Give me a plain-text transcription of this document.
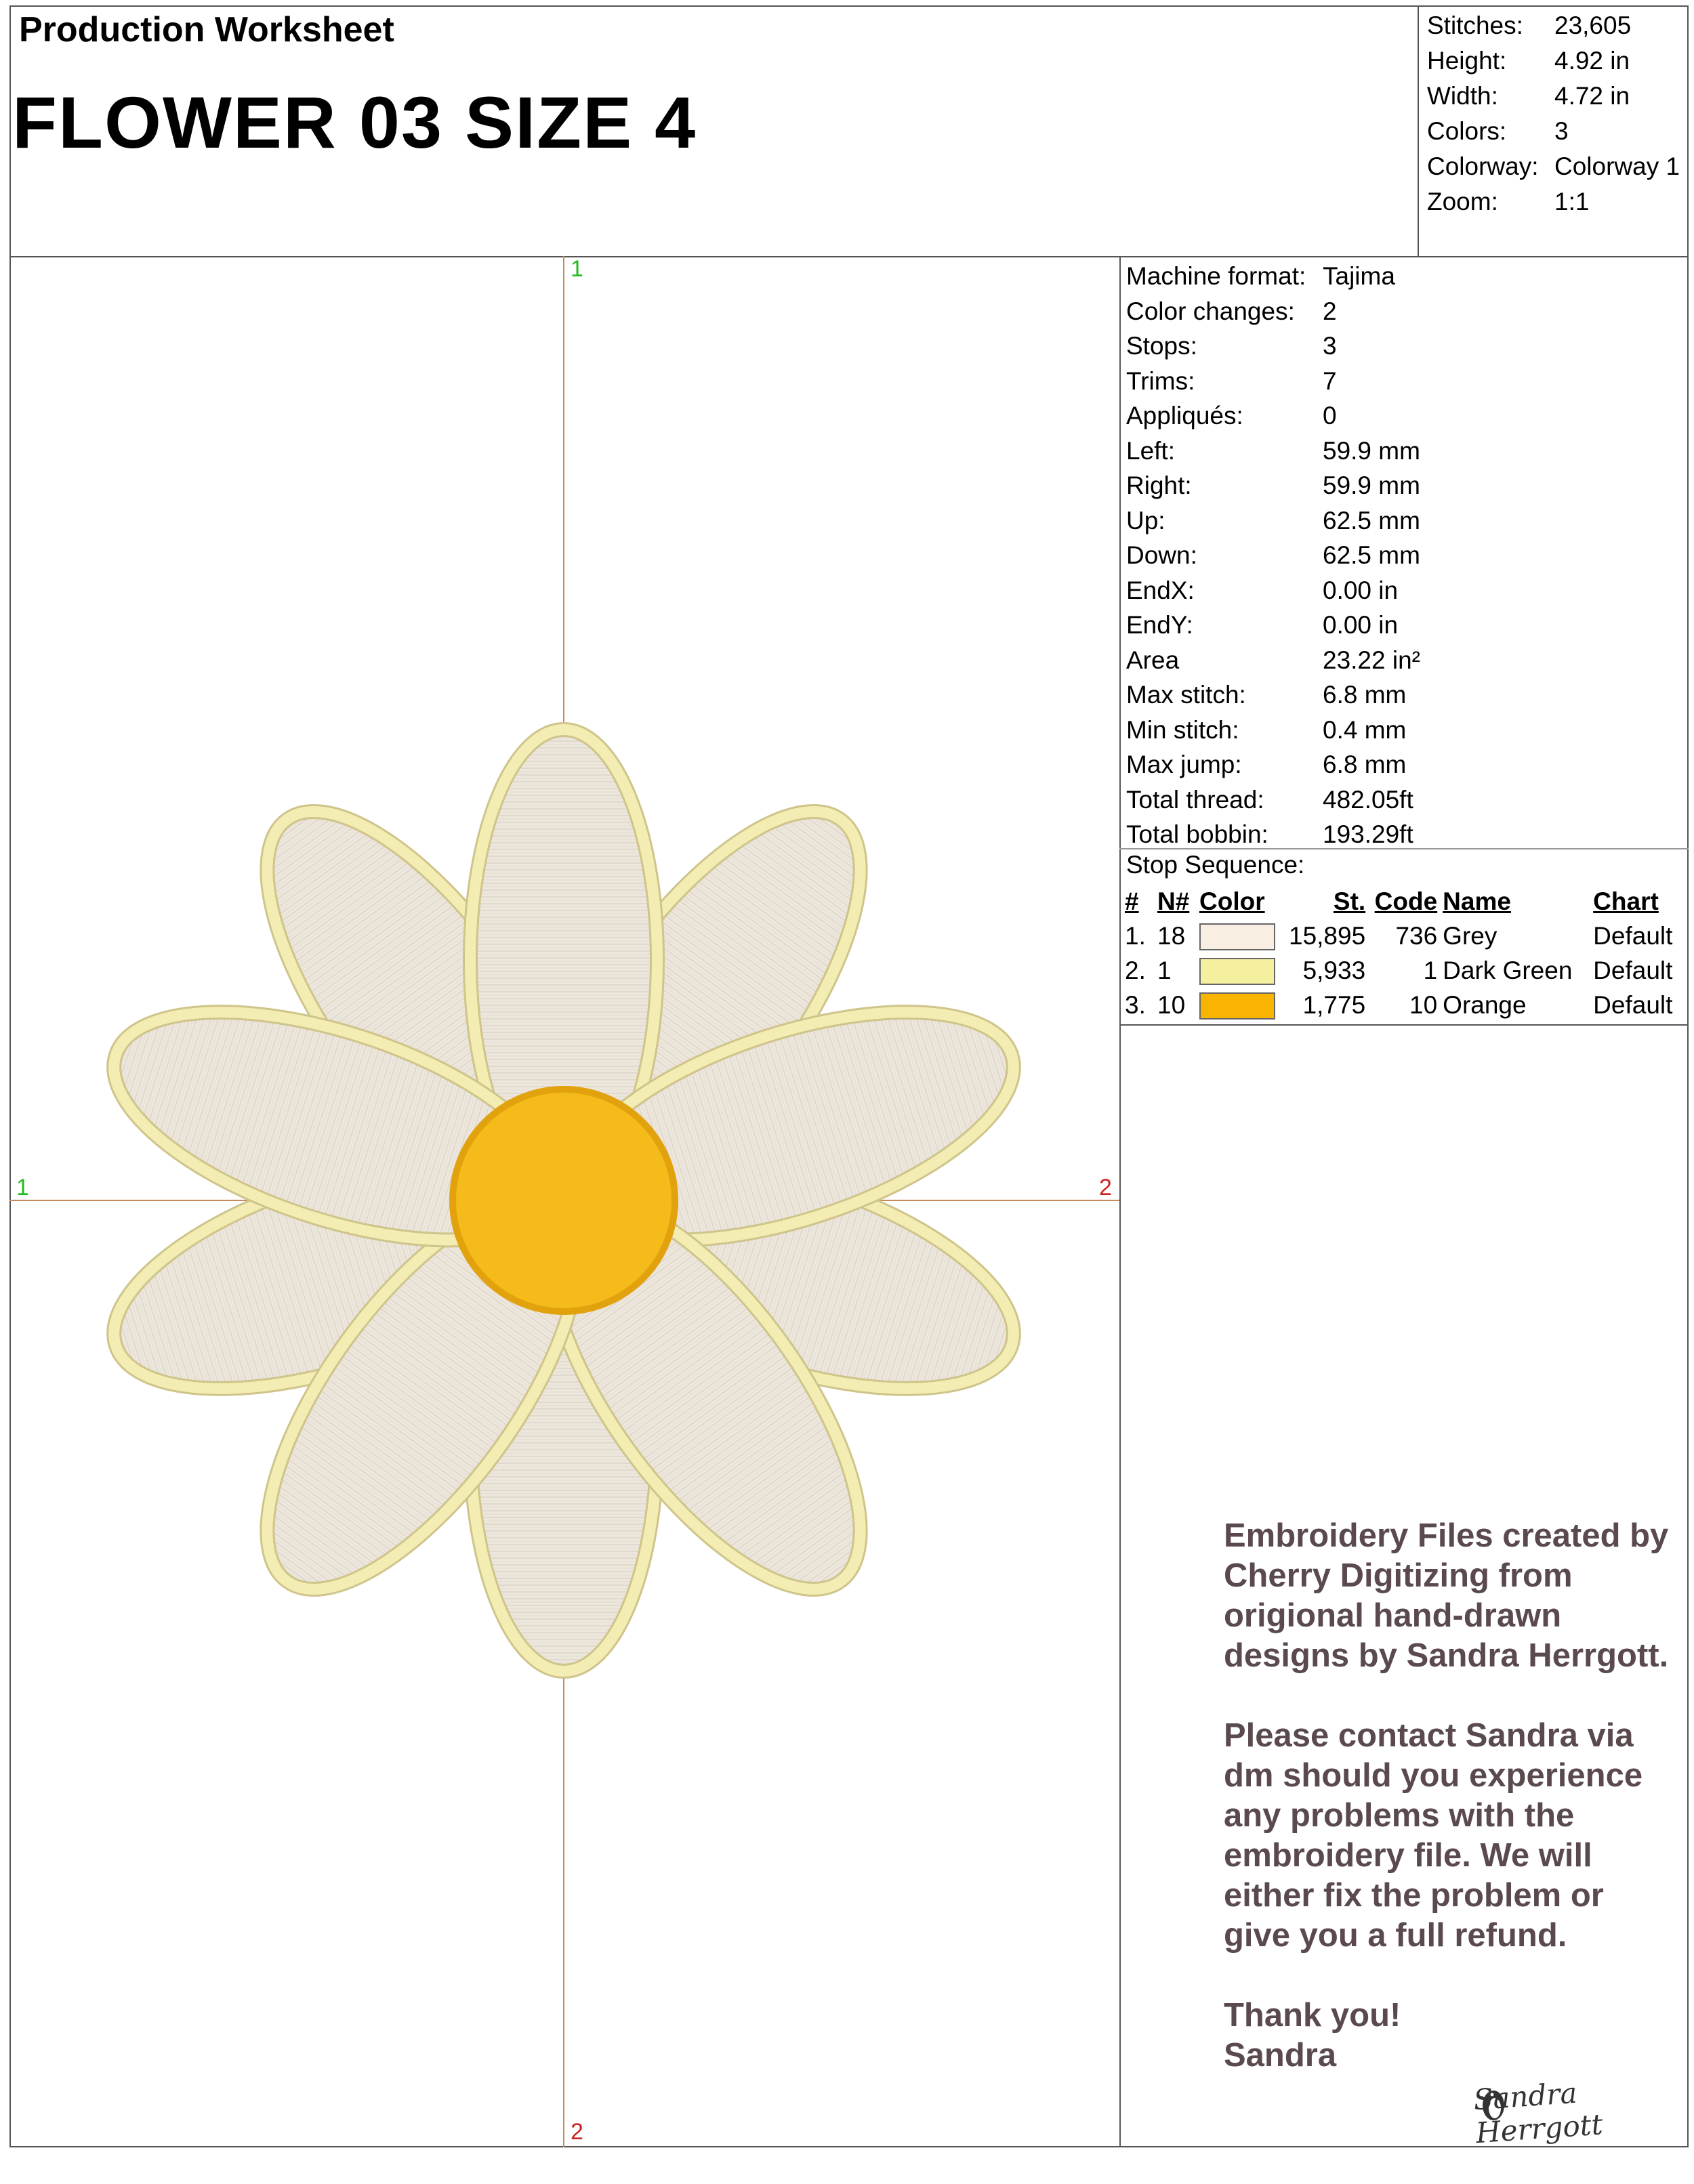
Production Worksheet
FLOWER 03 SIZE 4
Stitches: 23,605
Height: 4.92 in
Width: 4.72 in
Colors: 3
Colorway: Colorway 1
Zoom: 1:1
Machine format: Tajima
Color changes: 2
Stops:	3
Trims:	7
Appliqués:	0
Left:	59.9 mm
Right:	59.9 mm
Up:	62.5 mm
Down:	62.5 mm
EndX:	0.00 in
EndY:	0.00 in
Area	23.22 in²
Max stitch:	6.8 mm
Min stitch:	0.4 mm
Max jump:	6.8 mm
Total thread: 482.05ft
Total bobbin: 193.29ft
Stop Sequence:
#	N#	Color	St.	Code	Name	Chart
1.	18		15,895	736	Grey	Default
2.	1		5,933	1	Dark Green	Default
3.	10		1,775	10	Orange	Default
1
2
1	2

Embroidery Files created by Cherry Digitizing from origional hand-drawn designs by Sandra Herrgott.

Please contact Sandra via dm should you experience any problems with the embroidery file. We will either fix the problem or give you a full refund.

Thank you!
Sandra
Sandra Herrgott
